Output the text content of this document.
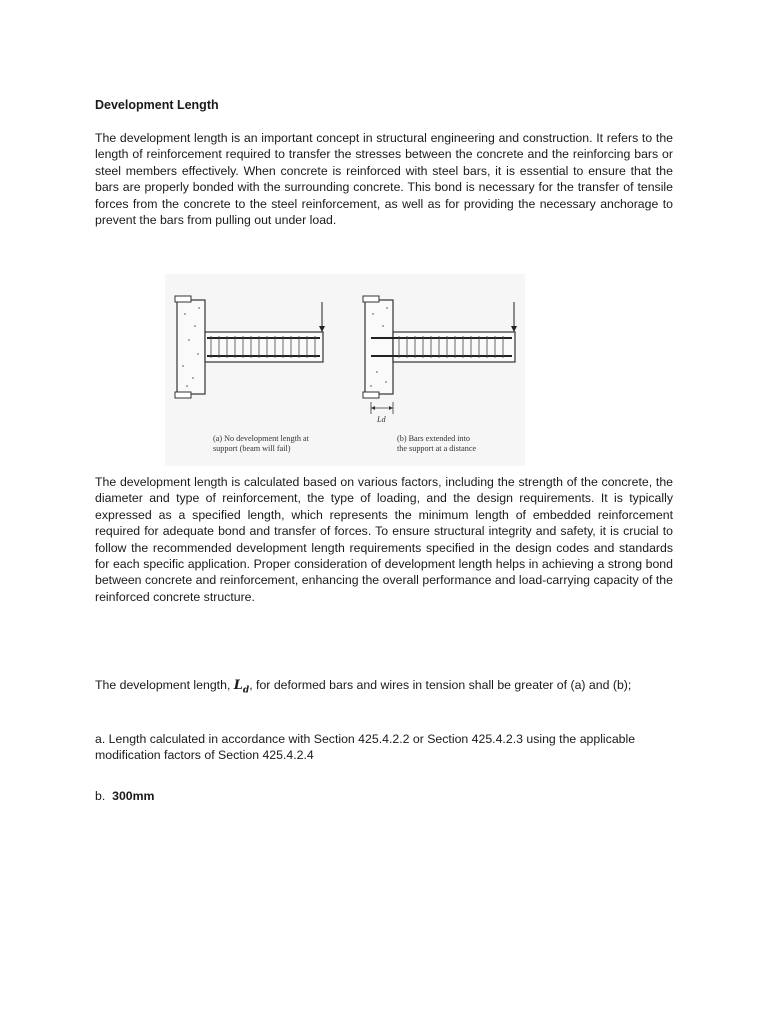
Development Length

The development length is an important concept in structural engineering and construction. It refers to the length of reinforcement required to transfer the stresses between the concrete and the reinforcing bars or steel members effectively. When concrete is reinforced with steel bars, it is essential to ensure that the bars are properly bonded with the surrounding concrete. This bond is necessary for the transfer of tensile forces from the concrete to the steel reinforcement, as well as for providing the necessary anchorage to prevent the bars from pulling out under load.

(a) No development length at
support (beam will fail)
Ld
(b) Bars extended into
the support at a distance

The development length is calculated based on various factors, including the strength of the concrete, the diameter and type of reinforcement, the type of loading, and the design requirements. It is typically expressed as a specified length, which represents the minimum length of embedded reinforcement required for adequate bond and transfer of forces. To ensure structural integrity and safety, it is crucial to follow the recommended development length requirements specified in the design codes and standards for each specific application. Proper consideration of development length helps in achieving a strong bond between concrete and reinforcement, enhancing the overall performance and load-carrying capacity of the reinforced concrete structure.

The development length, $L_d$, for deformed bars and wires in tension shall be greater of (a) and (b);

a. Length calculated in accordance with Section 425.4.2.2 or Section 425.4.2.3 using the applicable modification factors of Section 425.4.2.4

b. 300mm
